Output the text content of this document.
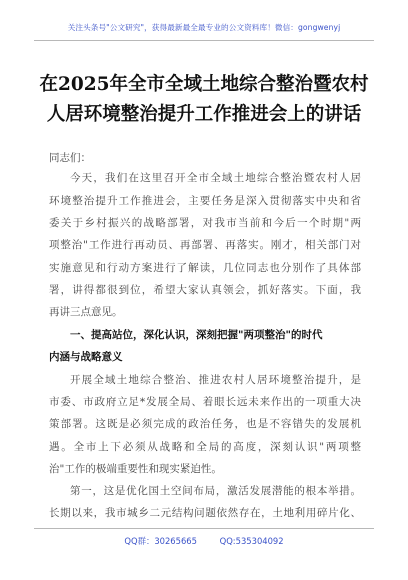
关注头条号"公文研究"，获得最新最全最专业的公文资料库！微信：gongwenyj
在2025年全市全域土地综合整治暨农村
人居环境整治提升工作推进会上的讲话
同志们：
今天，我们在这里召开全市全域土地综合整治暨农村人居
环境整治提升工作推进会，主要任务是深入贯彻落实中央和省
委关于乡村振兴的战略部署，对我市当前和今后一个时期"两
项整治"工作进行再动员、再部署、再落实。刚才，相关部门对
实施意见和行动方案进行了解读，几位同志也分别作了具体部
署，讲得都很到位，希望大家认真领会，抓好落实。下面，我
再讲三点意见。
一、提高站位，深化认识，深刻把握"两项整治"的时代
内涵与战略意义
开展全域土地综合整治、推进农村人居环境整治提升，是
市委、市政府立足*发展全局、着眼长远未来作出的一项重大决
策部署。这既是必须完成的政治任务，也是不容错失的发展机
遇。全市上下必须从战略和全局的高度，深刻认识"两项整
治"工作的极端重要性和现实紧迫性。
第一，这是优化国土空间布局，激活发展潜能的根本举措。
长期以来，我市城乡二元结构问题依然存在，土地利用碎片化、
QQ群：30265665	QQ:535304092
